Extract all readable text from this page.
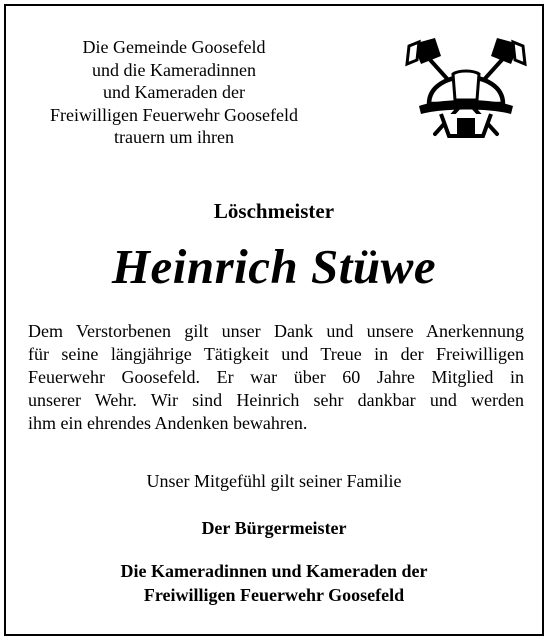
Die Gemeinde Goosefeld
und die Kameradinnen
und Kameraden der
Freiwilligen Feuerwehr Goosefeld
trauern um ihren
Löschmeister
Heinrich Stüwe
Dem Verstorbenen gilt unser Dank und unsere Anerkennung
für seine längjährige Tätigkeit und Treue in der Freiwilligen
Feuerwehr Goosefeld. Er war über 60 Jahre Mitglied in
unserer Wehr. Wir sind Heinrich sehr dankbar und werden
ihm ein ehrendes Andenken bewahren.
Unser Mitgefühl gilt seiner Familie
Der Bürgermeister
Die Kameradinnen und Kameraden der
Freiwilligen Feuerwehr Goosefeld
